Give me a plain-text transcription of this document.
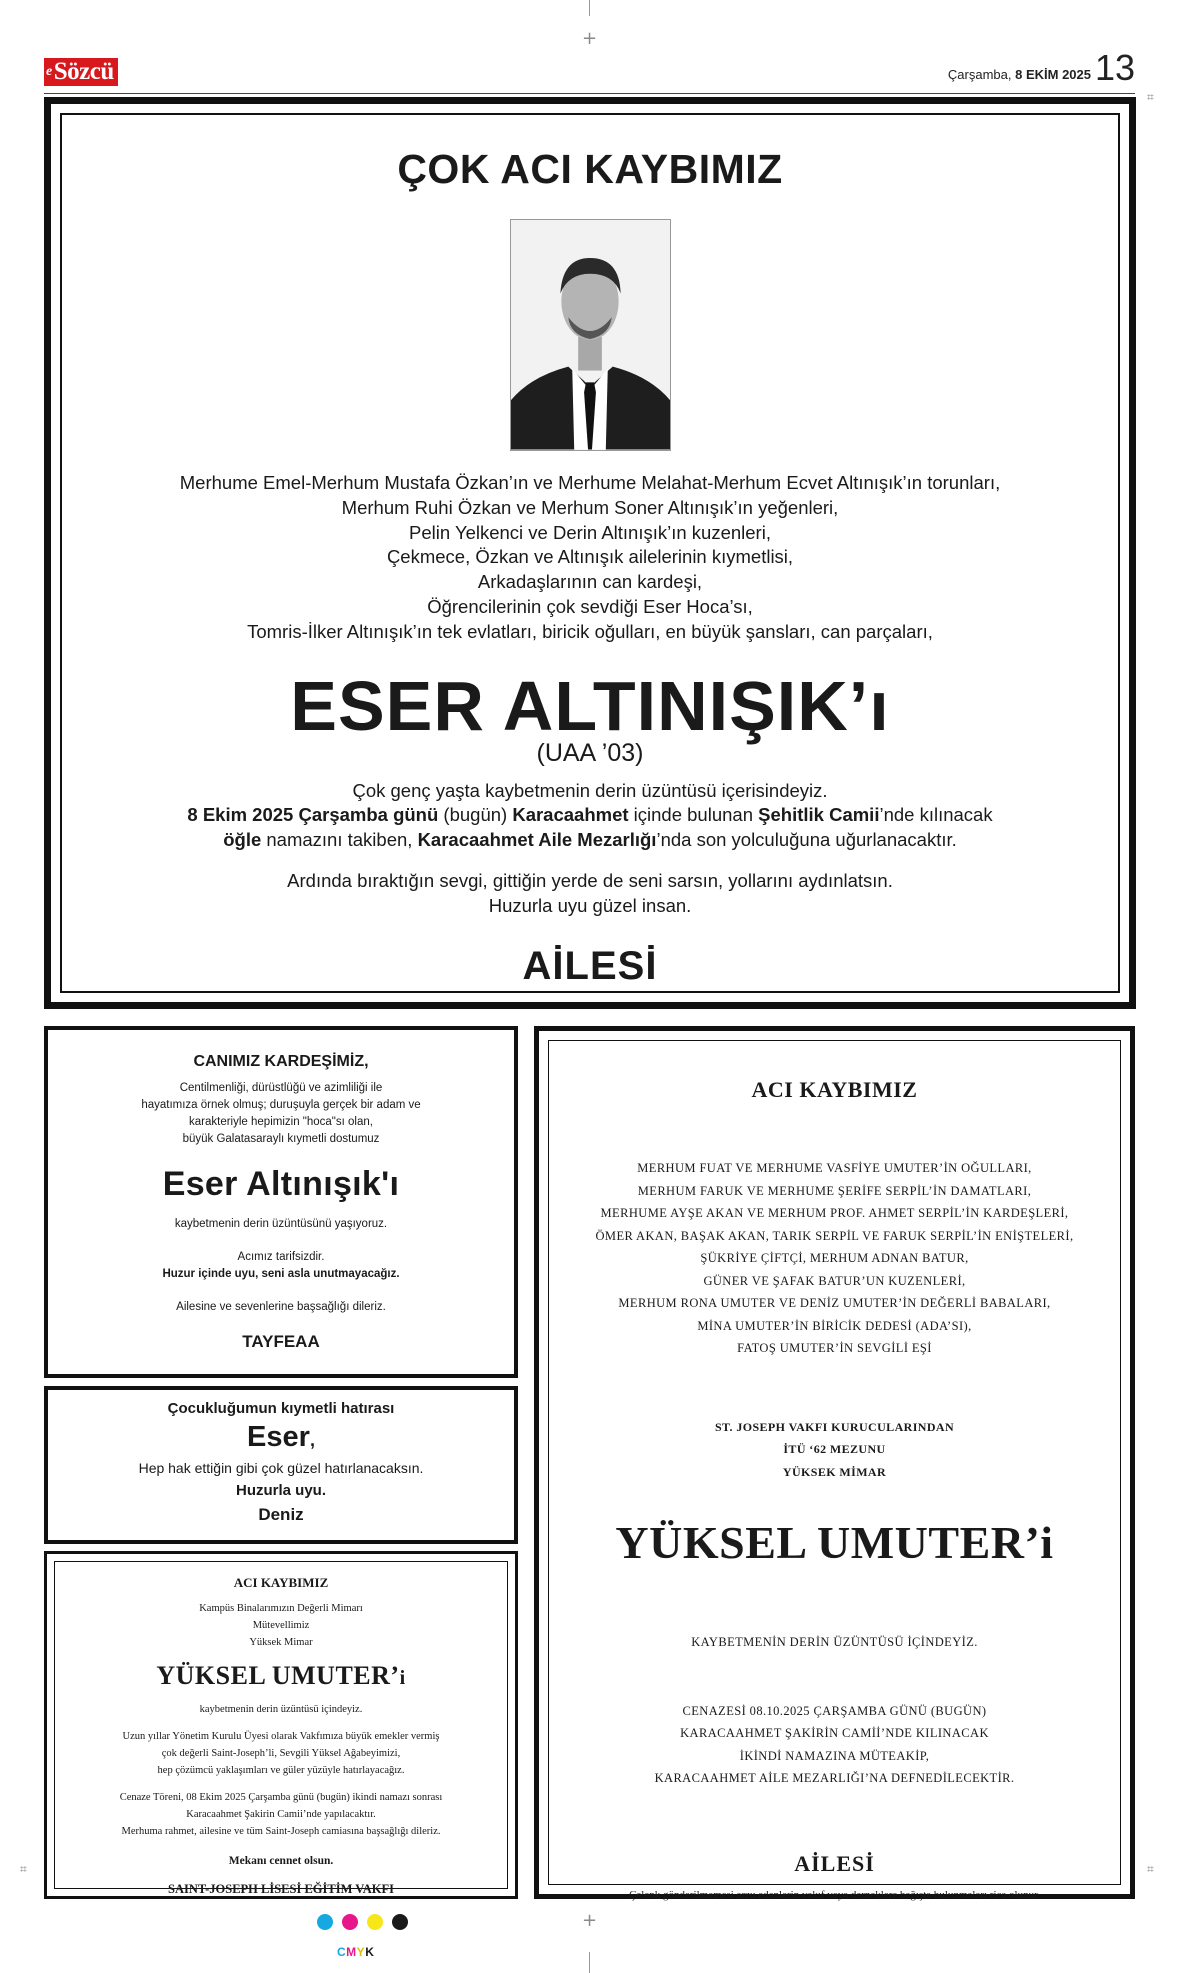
+
+
⌗
⌗
⌗
e Sözcü	Çarşamba, 8 EKİM 2025 13
ÇOK ACI KAYBIMIZ
Merhume Emel-Merhum Mustafa Özkan’ın ve Merhume Melahat-Merhum Ecvet Altınışık’ın torunları,
Merhum Ruhi Özkan ve Merhum Soner Altınışık’ın yeğenleri,
Pelin Yelkenci ve Derin Altınışık’ın kuzenleri,
Çekmece, Özkan ve Altınışık ailelerinin kıymetlisi,
Arkadaşlarının can kardeşi,
Öğrencilerinin çok sevdiği Eser Hoca’sı,
Tomris-İlker Altınışık’ın tek evlatları, biricik oğulları, en büyük şansları, can parçaları,
ESER ALTINIŞIK’ı
(UAA ’03)
Çok genç yaşta kaybetmenin derin üzüntüsü içerisindeyiz.
8 Ekim 2025 Çarşamba günü (bugün) Karacaahmet içinde bulunan Şehitlik Camii’nde kılınacak
öğle namazını takiben, Karacaahmet Aile Mezarlığı’nda son yolculuğuna uğurlanacaktır.
Ardında bıraktığın sevgi, gittiğin yerde de seni sarsın, yollarını aydınlatsın.
Huzurla uyu güzel insan.
AİLESİ
CANIMIZ KARDEŞİMİZ,
Centilmenliği, dürüstlüğü ve azimliliği ile
hayatımıza örnek olmuş; duruşuyla gerçek bir adam ve
karakteriyle hepimizin "hoca"sı olan,
büyük Galatasaraylı kıymetli dostumuz
Eser Altınışık'ı
kaybetmenin derin üzüntüsünü yaşıyoruz.
Acımız tarifsizdir.
Huzur içinde uyu, seni asla unutmayacağız.
Ailesine ve sevenlerine başsağlığı dileriz.
TAYFEAA
Çocukluğumun kıymetli hatırası
Eser,
Hep hak ettiğin gibi çok güzel hatırlanacaksın.
Huzurla uyu.
Deniz
ACI KAYBIMIZ
Kampüs Binalarımızın Değerli Mimarı
Mütevellimiz
Yüksek Mimar
YÜKSEL UMUTER’i
kaybetmenin derin üzüntüsü içindeyiz.
Uzun yıllar Yönetim Kurulu Üyesi olarak Vakfımıza büyük emekler vermiş
çok değerli Saint-Joseph’li, Sevgili Yüksel Ağabeyimizi,
hep çözümcü yaklaşımları ve güler yüzüyle hatırlayacağız.
Cenaze Töreni, 08 Ekim 2025 Çarşamba günü (bugün) ikindi namazı sonrası
Karacaahmet Şakirin Camii’nde yapılacaktır.
Merhuma rahmet, ailesine ve tüm Saint-Joseph camiasına başsağlığı dileriz.
Mekanı cennet olsun.
SAINT-JOSEPH LİSESİ EĞİTİM VAKFI
ACI KAYBIMIZ
MERHUM FUAT VE MERHUME VASFİYE UMUTER’İN OĞULLARI,
MERHUM FARUK VE MERHUME ŞERİFE SERPİL’İN DAMATLARI,
MERHUME AYŞE AKAN VE MERHUM PROF. AHMET SERPİL’İN KARDEŞLERİ,
ÖMER AKAN, BAŞAK AKAN, TARIK SERPİL VE FARUK SERPİL’İN ENİŞTELERİ,
ŞÜKRİYE ÇİFTÇİ, MERHUM ADNAN BATUR,
GÜNER VE ŞAFAK BATUR’UN KUZENLERİ,
MERHUM RONA UMUTER VE DENİZ UMUTER’İN DEĞERLİ BABALARI,
MİNA UMUTER’İN BİRİCİK DEDESİ (ADA’SI),
FATOŞ UMUTER’İN SEVGİLİ EŞİ
ST. JOSEPH VAKFI KURUCULARINDAN
İTÜ ‘62 MEZUNU
YÜKSEK MİMAR
YÜKSEL UMUTER’i
KAYBETMENİN DERİN ÜZÜNTÜSÜ İÇİNDEYİZ.
CENAZESİ 08.10.2025 ÇARŞAMBA GÜNÜ (BUGÜN)
KARACAAHMET ŞAKİRİN CAMİİ’NDE KILINACAK
İKİNDİ NAMAZINA MÜTEAKİP,
KARACAAHMET AİLE MEZARLIĞI’NA DEFNEDİLECEKTİR.
AİLESİ
Çelenk gönderilmemesi arzu edenlerin vakıf veya derneklere bağışta bulunmaları rica olunur.
CMYK
